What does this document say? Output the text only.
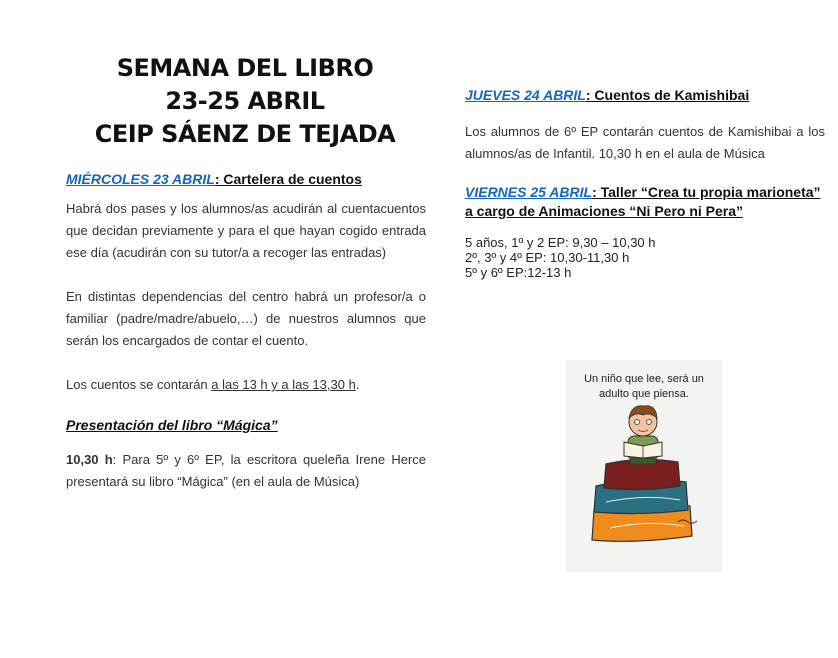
SEMANA DEL LIBRO
23-25 ABRIL
CEIP SÁENZ DE TEJADA
MIÉRCOLES 23 ABRIL: Cartelera de cuentos

Habrá dos pases y los alumnos/as acudirán al cuentacuentos que decidan previamente y para el que hayan cogido entrada ese día (acudirán con su tutor/a a recoger las entradas)

En distintas dependencias del centro habrá un profesor/a o familiar (padre/madre/abuelo,…) de nuestros alumnos que serán los encargados de contar el cuento.

Los cuentos se contarán a las 13 h y a las 13,30 h.

Presentación del libro “Mágica”

10,30 h: Para 5º y 6º EP, la escritora queleña Irene Herce presentará su libro “Mágica” (en el aula de Música)

JUEVES 24 ABRIL: Cuentos de Kamishibai

Los alumnos de 6º EP contarán cuentos de Kamishibai a los alumnos/as de Infantil. 10,30 h en el aula de Música

VIERNES 25 ABRIL: Taller “Crea tu propia marioneta” a cargo de Animaciones “Ni Pero ni Pera”
5 años, 1º y 2 EP: 9,30 – 10,30 h
2º, 3º y 4º EP: 10,30-11,30 h
5º y 6º EP:12-13 h
Un niño que lee, será un
adulto que piensa.
